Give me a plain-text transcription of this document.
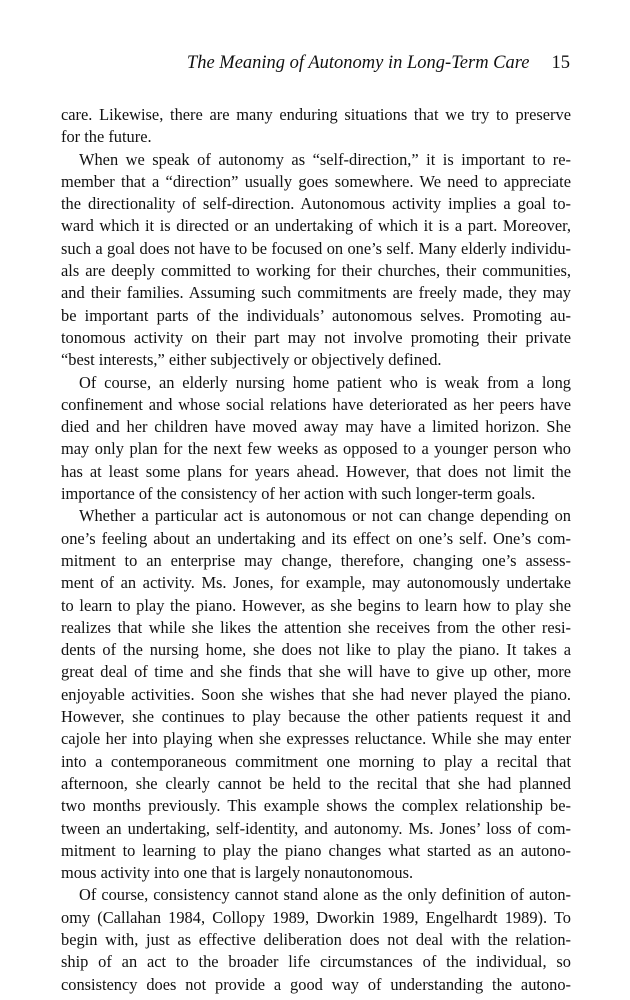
The Meaning of Autonomy in Long-Term Care 15
care. Likewise, there are many enduring situations that we try to preserve
for the future.
When we speak of autonomy as “self-direction,” it is important to re-
member that a “direction” usually goes somewhere. We need to appreciate
the directionality of self-direction. Autonomous activity implies a goal to-
ward which it is directed or an undertaking of which it is a part. Moreover,
such a goal does not have to be focused on one’s self. Many elderly individu-
als are deeply committed to working for their churches, their communities,
and their families. Assuming such commitments are freely made, they may
be important parts of the individuals’ autonomous selves. Promoting au-
tonomous activity on their part may not involve promoting their private
“best interests,” either subjectively or objectively defined.
Of course, an elderly nursing home patient who is weak from a long
confinement and whose social relations have deteriorated as her peers have
died and her children have moved away may have a limited horizon. She
may only plan for the next few weeks as opposed to a younger person who
has at least some plans for years ahead. However, that does not limit the
importance of the consistency of her action with such longer-term goals.
Whether a particular act is autonomous or not can change depending on
one’s feeling about an undertaking and its effect on one’s self. One’s com-
mitment to an enterprise may change, therefore, changing one’s assess-
ment of an activity. Ms. Jones, for example, may autonomously undertake
to learn to play the piano. However, as she begins to learn how to play she
realizes that while she likes the attention she receives from the other resi-
dents of the nursing home, she does not like to play the piano. It takes a
great deal of time and she finds that she will have to give up other, more
enjoyable activities. Soon she wishes that she had never played the piano.
However, she continues to play because the other patients request it and
cajole her into playing when she expresses reluctance. While she may enter
into a contemporaneous commitment one morning to play a recital that
afternoon, she clearly cannot be held to the recital that she had planned
two months previously. This example shows the complex relationship be-
tween an undertaking, self-identity, and autonomy. Ms. Jones’ loss of com-
mitment to learning to play the piano changes what started as an autono-
mous activity into one that is largely nonautonomous.
Of course, consistency cannot stand alone as the only definition of auton-
omy (Callahan 1984, Collopy 1989, Dworkin 1989, Engelhardt 1989). To
begin with, just as effective deliberation does not deal with the relation-
ship of an act to the broader life circumstances of the individual, so
consistency does not provide a good way of understanding the autono-
